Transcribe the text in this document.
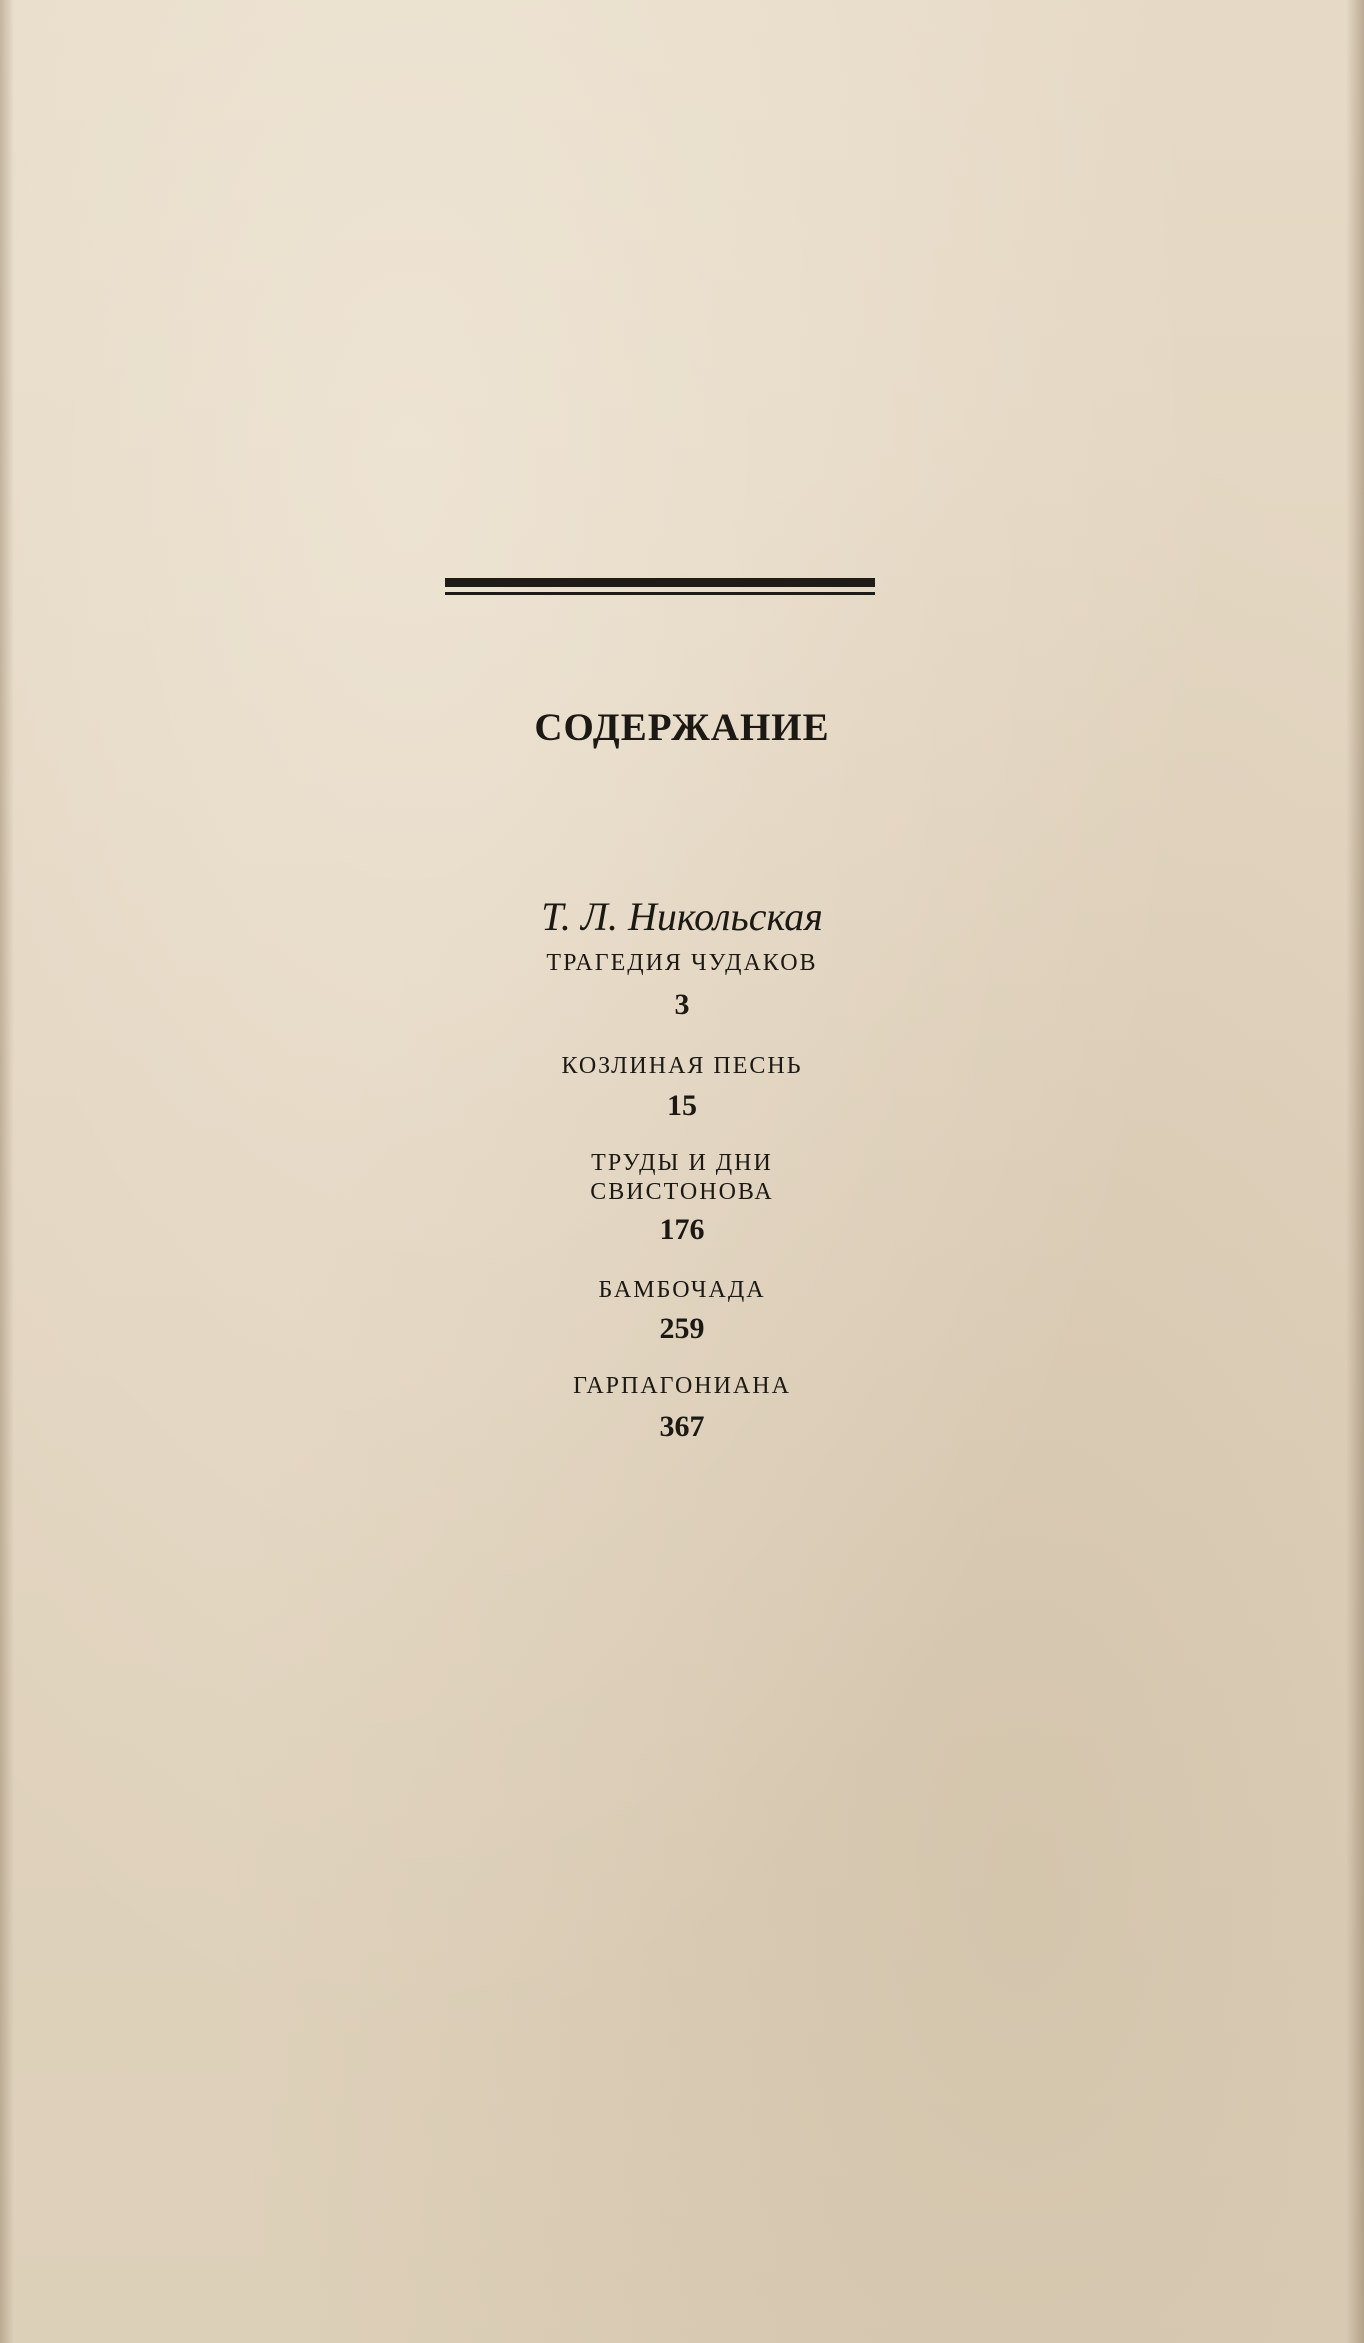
СОДЕРЖАНИЕ
Т. Л. Никольская
ТРАГЕДИЯ ЧУДАКОВ
3
КОЗЛИНАЯ ПЕСНЬ
15
ТРУДЫ И ДНИ
СВИСТОНОВА
176
БАМБОЧАДА
259
ГАРПАГОНИАНА
367
